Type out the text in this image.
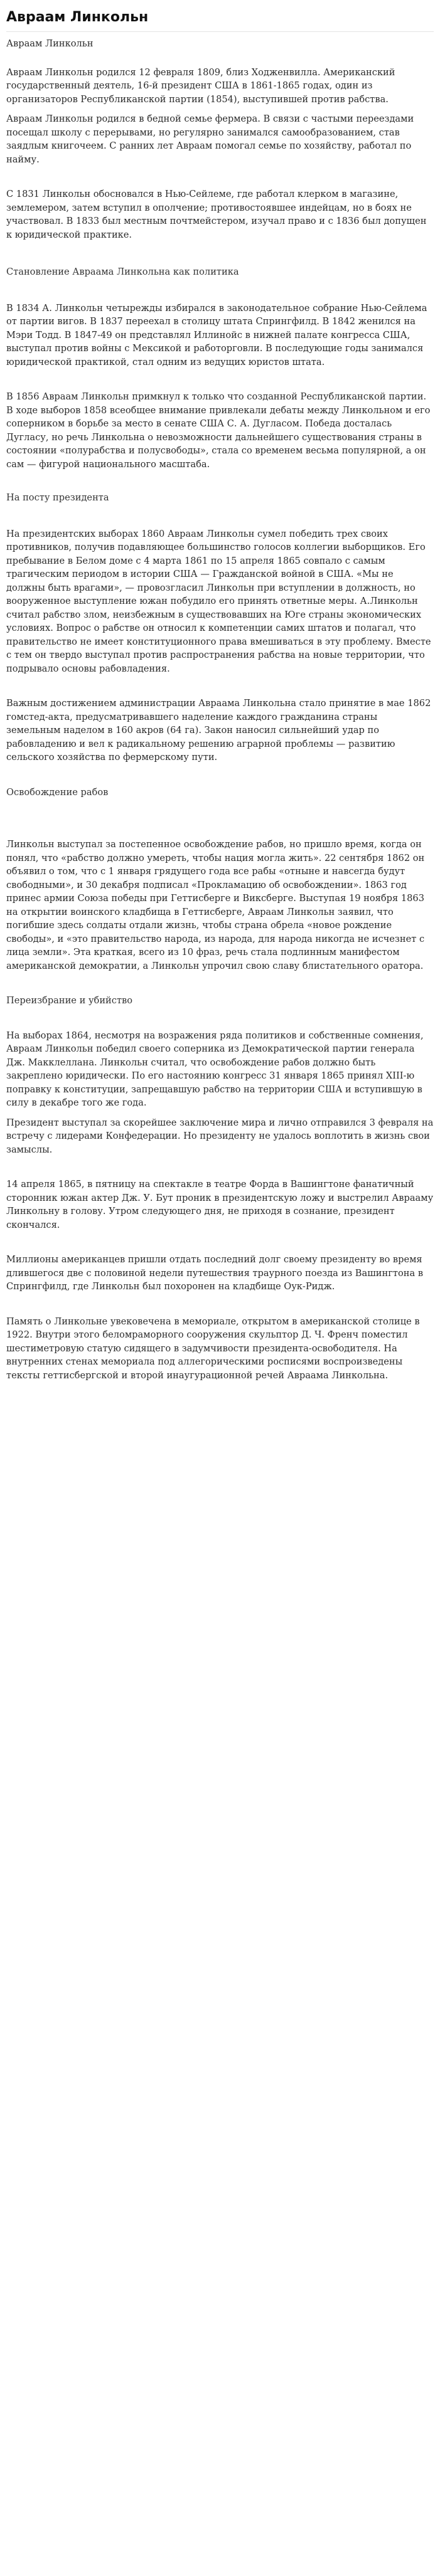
Авраам Линкольн
Авраам Линкольн
Авраам Линкольн родился 12 февраля 1809, близ Ходженвилла. Американский государственный деятель, 16-й президент США в 1861-1865 годах, один из организаторов Республиканской партии (1854), выступившей против рабства.
Авраам Линкольн родился в бедной семье фермера. В связи с частыми переездами посещал школу с перерывами, но регулярно занимался самообразованием, став заядлым книгочеем. С ранних лет Авраам помогал семье по хозяйству, работал по найму.
С 1831 Линкольн обосновался в Нью-Сейлеме, где работал клерком в магазине, землемером, затем вступил в ополчение; противостоявшее индейцам, но в боях не участвовал. В 1833 был местным почтмейстером, изучал право и с 1836 был допущен к юридической практике.
Становление Авраама Линкольна как политика
В 1834 А. Линкольн четырежды избирался в законодательное собрание Нью-Сейлема от партии вигов. В 1837 переехал в столицу штата Спрингфилд. В 1842 женился на Мэри Тодд. В 1847-49 он представлял Иллинойс в нижней палате конгресса США, выступал против войны с Мексикой и работорговли. В последующие годы занимался юридической практикой, стал одним из ведущих юристов штата.
В 1856 Авраам Линкольн примкнул к только что созданной Республиканской партии. В ходе выборов 1858 всеобщее внимание привлекали дебаты между Линкольном и его соперником в борьбе за место в сенате США С. А. Дугласом. Победа досталась Дугласу, но речь Линкольна о невозможности дальнейшего существования страны в состоянии «полурабства и полусвободы», стала со временем весьма популярной, а он сам — фигурой национального масштаба.
На посту президента
На президентских выборах 1860 Авраам Линкольн сумел победить трех своих противников, получив подавляющее большинство голосов коллегии выборщиков. Его пребывание в Белом доме с 4 марта 1861 по 15 апреля 1865 совпало с самым трагическим периодом в истории США — Гражданской войной в США. «Мы не должны быть врагами», — провозгласил Линкольн при вступлении в должность, но вооруженное выступление южан побудило его принять ответные меры. А.Линкольн считал рабство злом, неизбежным в существовавших на Юге страны экономических условиях. Вопрос о рабстве он относил к компетенции самих штатов и полагал, что правительство не имеет конституционного права вмешиваться в эту проблему. Вместе с тем он твердо выступал против распространения рабства на новые территории, что подрывало основы рабовладения.
Важным достижением администрации Авраама Линкольна стало принятие в мае 1862 гомстед-акта, предусматривавшего наделение каждого гражданина страны земельным наделом в 160 акров (64 га). Закон наносил сильнейший удар по рабовладению и вел к радикальному решению аграрной проблемы — развитию сельского хозяйства по фермерскому пути.
Освобождение рабов
Линкольн выступал за постепенное освобождение рабов, но пришло время, когда он понял, что «рабство должно умереть, чтобы нация могла жить». 22 сентября 1862 он объявил о том, что с 1 января грядущего года все рабы «отныне и навсегда будут свободными», и 30 декабря подписал «Прокламацию об освобождении». 1863 год принес армии Союза победы при Геттисберге и Виксберге. Выступая 19 ноября 1863 на открытии воинского кладбища в Геттисберге, Авраам Линкольн заявил, что погибшие здесь солдаты отдали жизнь, чтобы страна обрела «новое рождение свободы», и «это правительство народа, из народа, для народа никогда не исчезнет с лица земли». Эта краткая, всего из 10 фраз, речь стала подлинным манифестом американской демократии, а Линкольн упрочил свою славу блистательного оратора.
Переизбрание и убийство
На выборах 1864, несмотря на возражения ряда политиков и собственные сомнения, Авраам Линкольн победил своего соперника из Демократической партии генерала Дж. Макклеллана. Линкольн считал, что освобождение рабов должно быть закреплено юридически. По его настоянию конгресс 31 января 1865 принял XIII-ю поправку к конституции, запрещавшую рабство на территории США и вступившую в силу в декабре того же года.
Президент выступал за скорейшее заключение мира и лично отправился 3 февраля на встречу с лидерами Конфедерации. Но президенту не удалось воплотить в жизнь свои замыслы.
14 апреля 1865, в пятницу на спектакле в театре Форда в Вашингтоне фанатичный сторонник южан актер Дж. У. Бут проник в президентскую ложу и выстрелил Аврааму Линкольну в голову. Утром следующего дня, не приходя в сознание, президент скончался.
Миллионы американцев пришли отдать последний долг своему президенту во время длившегося две с половиной недели путешествия траурного поезда из Вашингтона в Спрингфилд, где Линкольн был похоронен на кладбище Оук-Ридж.
Память о Линкольне увековечена в мемориале, открытом в американской столице в 1922. Внутри этого беломраморного сооружения скульптор Д. Ч. Френч поместил шестиметровую статую сидящего в задумчивости президента-освободителя. На внутренних стенах мемориала под аллегорическими росписями воспроизведены тексты геттисбергской и второй инаугурационной речей Авраама Линкольна.
